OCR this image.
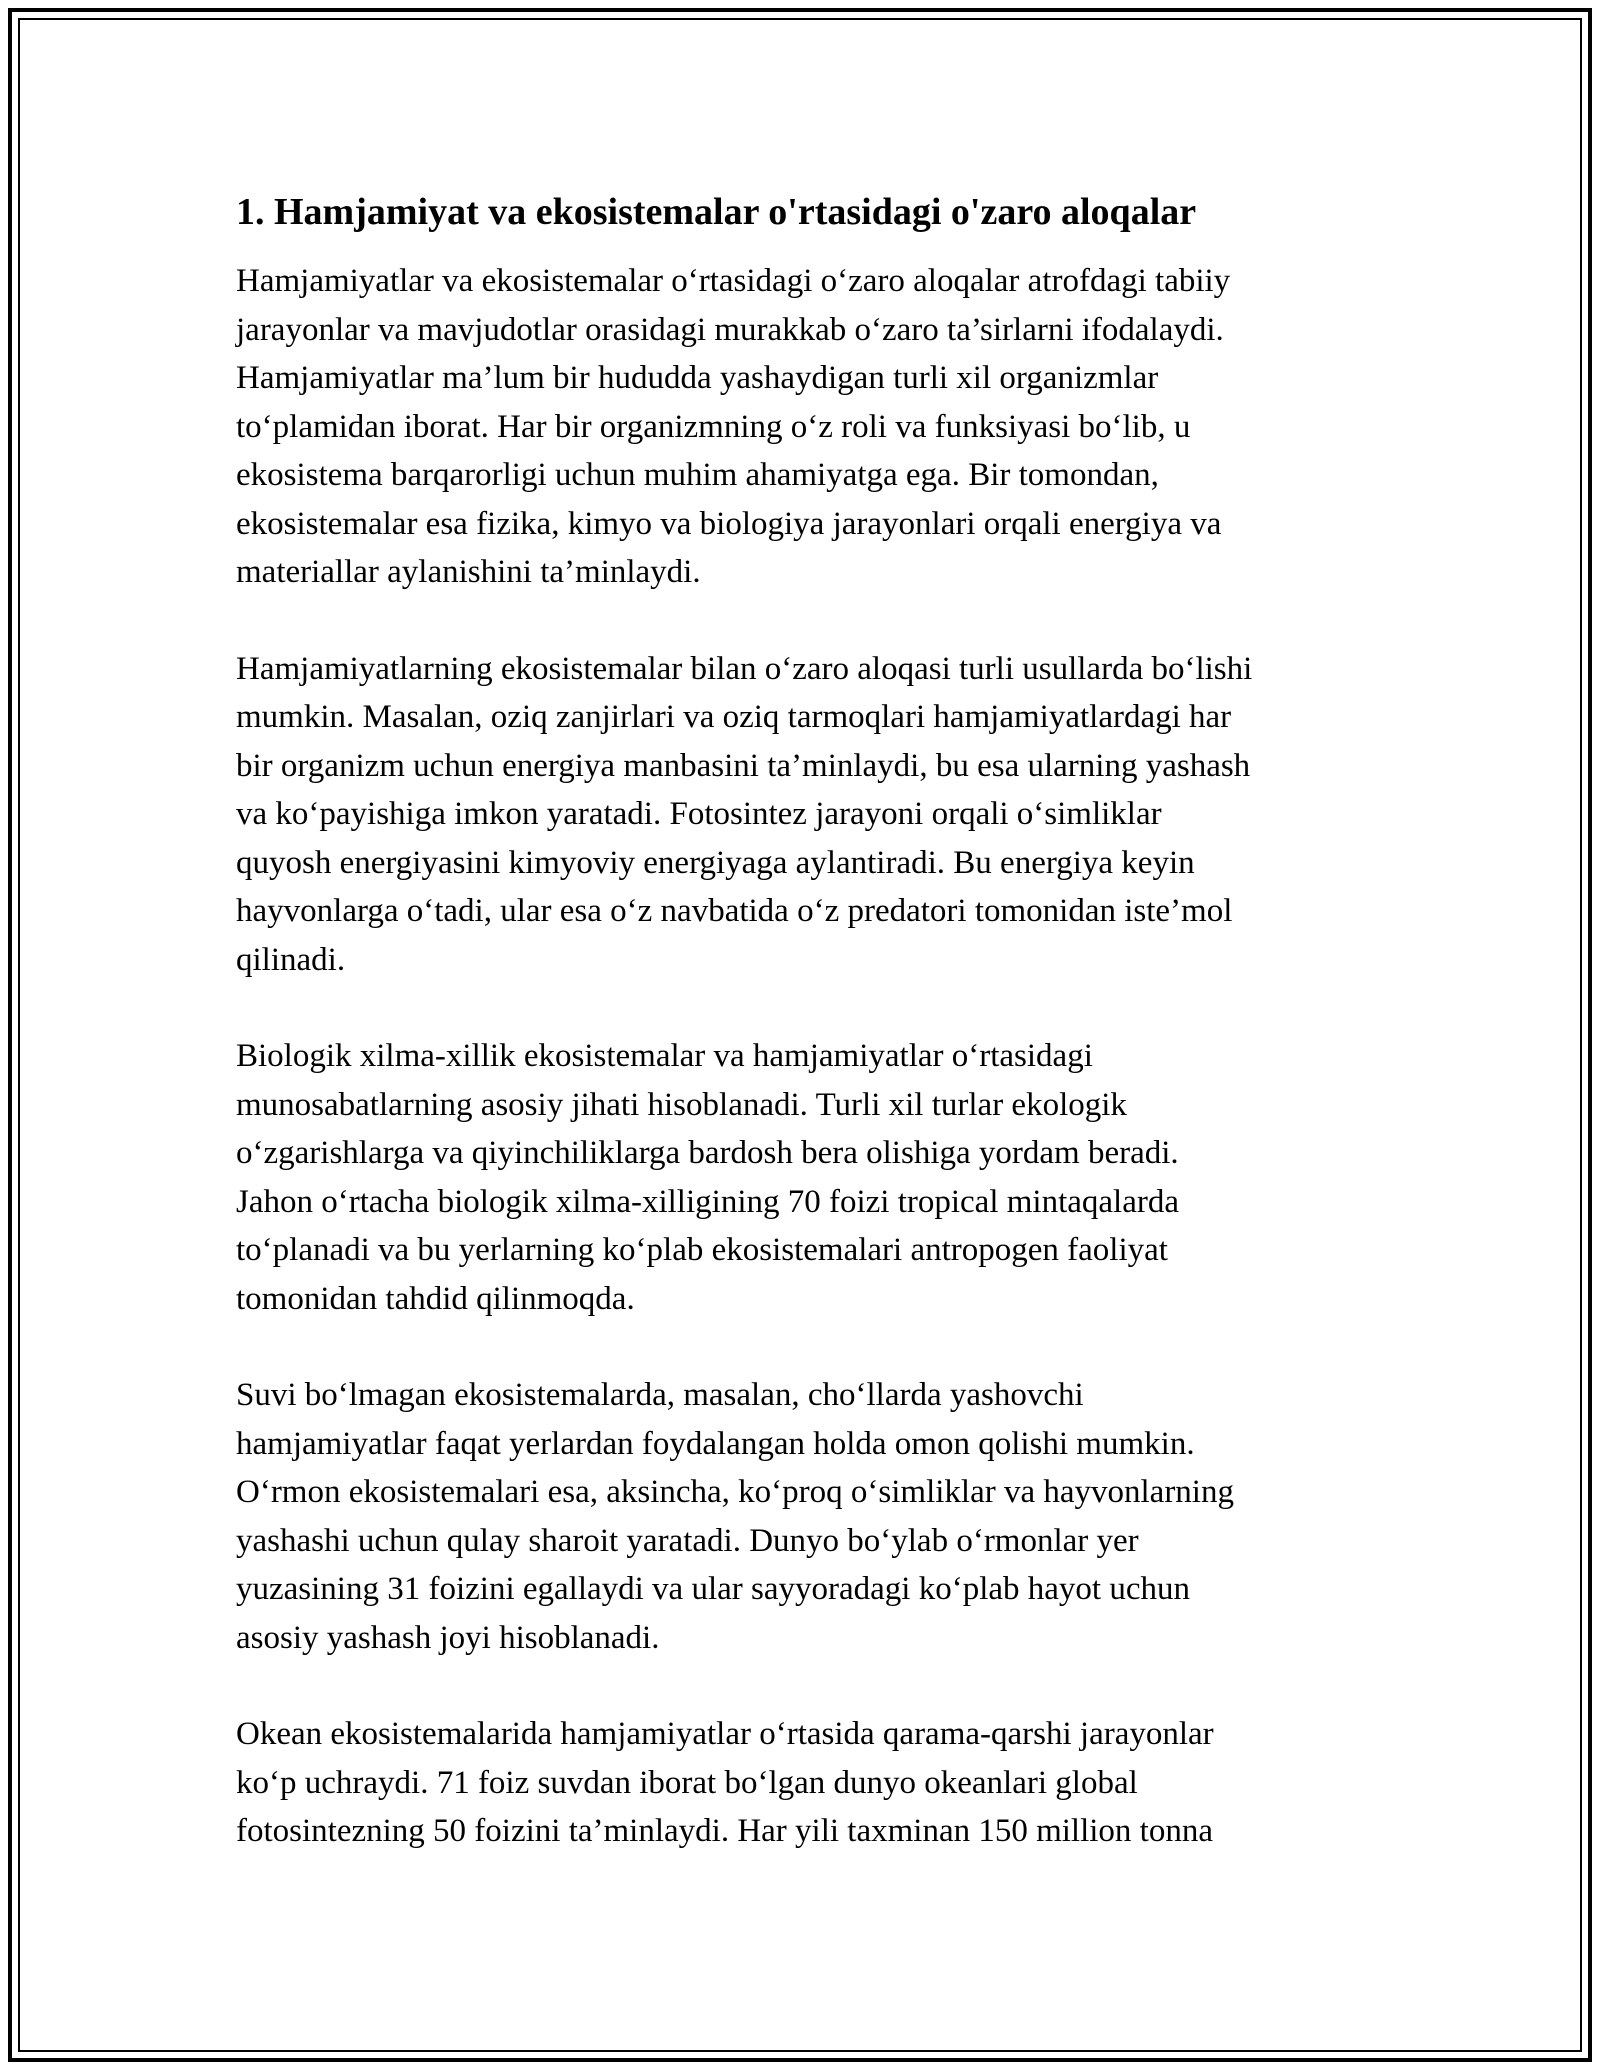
1. Hamjamiyat va ekosistemalar o'rtasidagi o'zaro aloqalar
Hamjamiyatlar va ekosistemalar o‘rtasidagi o‘zaro aloqalar atrofdagi tabiiy
jarayonlar va mavjudotlar orasidagi murakkab o‘zaro ta’sirlarni ifodalaydi.
Hamjamiyatlar ma’lum bir hududda yashaydigan turli xil organizmlar
to‘plamidan iborat. Har bir organizmning o‘z roli va funksiyasi bo‘lib, u
ekosistema barqarorligi uchun muhim ahamiyatga ega. Bir tomondan,
ekosistemalar esa fizika, kimyo va biologiya jarayonlari orqali energiya va
materiallar aylanishini ta’minlaydi.
Hamjamiyatlarning ekosistemalar bilan o‘zaro aloqasi turli usullarda bo‘lishi
mumkin. Masalan, oziq zanjirlari va oziq tarmoqlari hamjamiyatlardagi har
bir organizm uchun energiya manbasini ta’minlaydi, bu esa ularning yashash
va ko‘payishiga imkon yaratadi. Fotosintez jarayoni orqali o‘simliklar
quyosh energiyasini kimyoviy energiyaga aylantiradi. Bu energiya keyin
hayvonlarga o‘tadi, ular esa o‘z navbatida o‘z predatori tomonidan iste’mol
qilinadi.
Biologik xilma-xillik ekosistemalar va hamjamiyatlar o‘rtasidagi
munosabatlarning asosiy jihati hisoblanadi. Turli xil turlar ekologik
o‘zgarishlarga va qiyinchiliklarga bardosh bera olishiga yordam beradi.
Jahon o‘rtacha biologik xilma-xilligining 70 foizi tropical mintaqalarda
to‘planadi va bu yerlarning ko‘plab ekosistemalari antropogen faoliyat
tomonidan tahdid qilinmoqda.
Suvi bo‘lmagan ekosistemalarda, masalan, cho‘llarda yashovchi
hamjamiyatlar faqat yerlardan foydalangan holda omon qolishi mumkin.
O‘rmon ekosistemalari esa, aksincha, ko‘proq o‘simliklar va hayvonlarning
yashashi uchun qulay sharoit yaratadi. Dunyo bo‘ylab o‘rmonlar yer
yuzasining 31 foizini egallaydi va ular sayyoradagi ko‘plab hayot uchun
asosiy yashash joyi hisoblanadi.
Okean ekosistemalarida hamjamiyatlar o‘rtasida qarama-qarshi jarayonlar
ko‘p uchraydi. 71 foiz suvdan iborat bo‘lgan dunyo okeanlari global
fotosintezning 50 foizini ta’minlaydi. Har yili taxminan 150 million tonna
